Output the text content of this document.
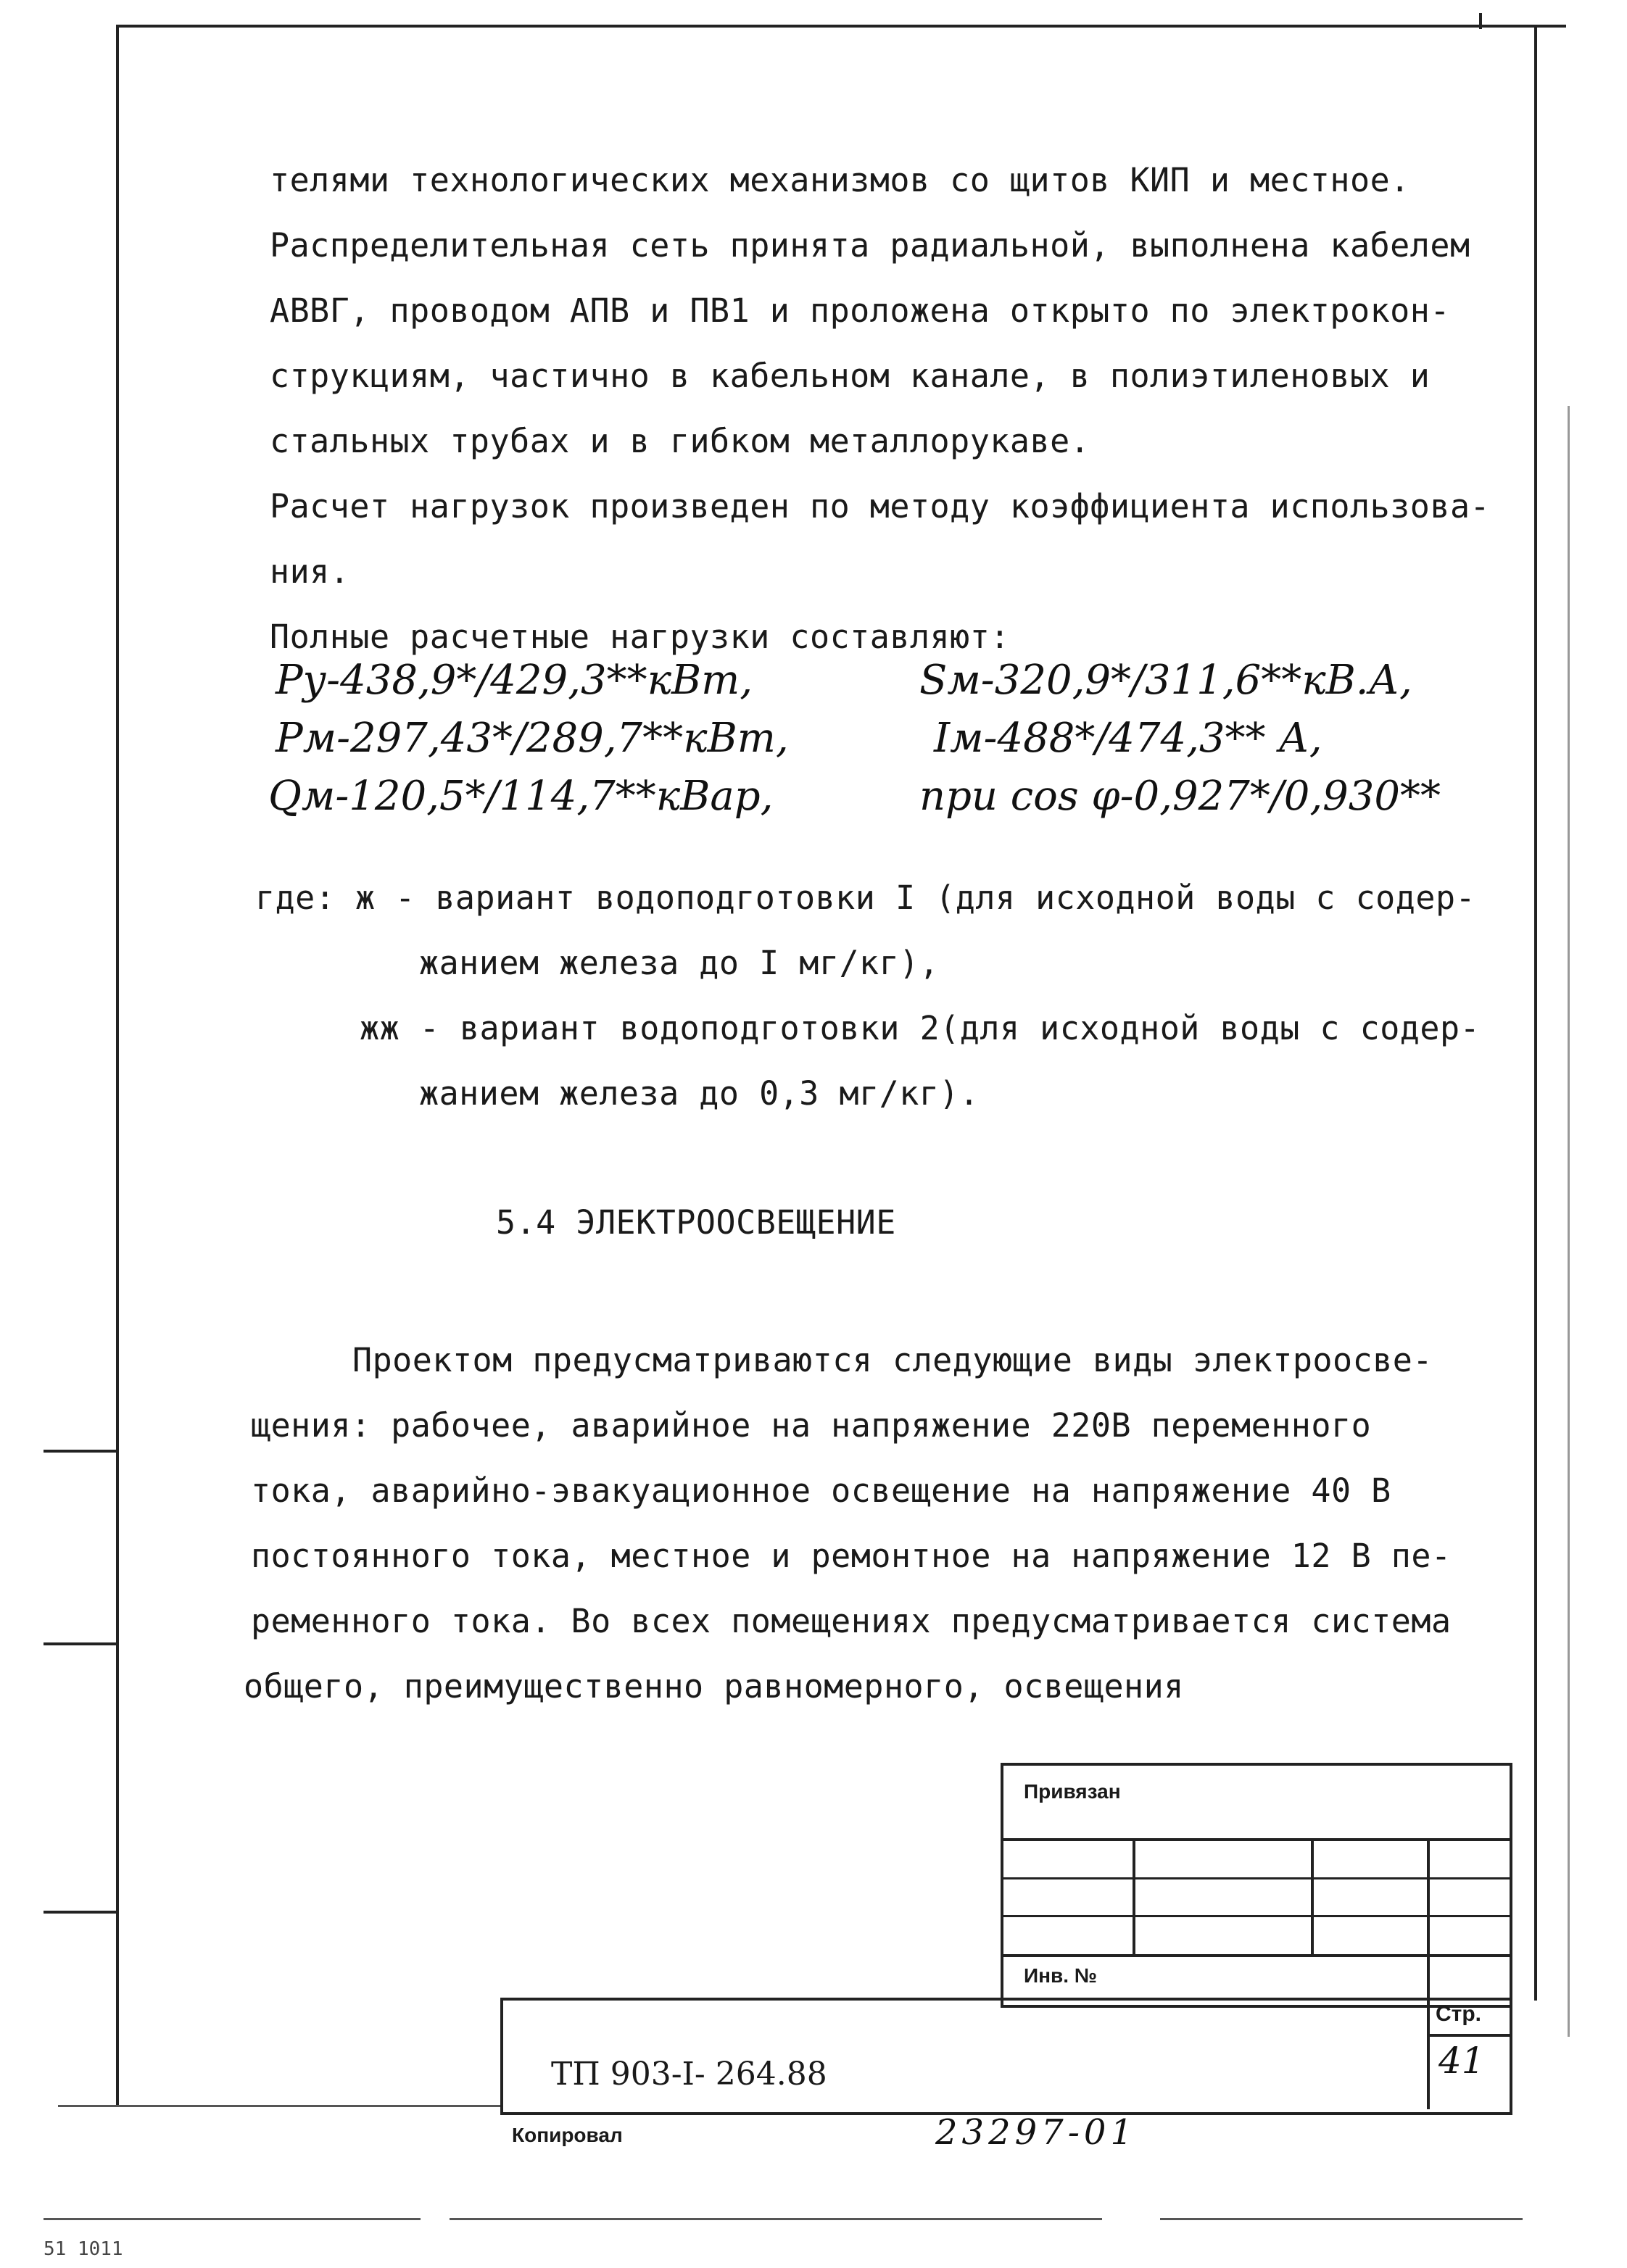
телями технологических механизмов со щитов КИП и местное.
Распределительная сеть принята радиальной, выполнена кабелем
АВВГ, проводом АПВ и ПВ1 и проложена открыто по электрокон-
струкциям, частично в кабельном канале, в полиэтиленовых и
стальных трубах и в гибком металлорукаве.
Расчет нагрузок произведен по методу коэффициента использова-
ния.
Полные расчетные нагрузки составляют:
Pу-438,9*/429,3**кВт,
Pм-297,43*/289,7**кВт,
Qм-120,5*/114,7**кВар,
Sм-320,9*/311,6**кВ.А,
Iм-488*/474,3** А,
при cos φ-0,927*/0,930**
где: ж - вариант водоподготовки I (для исходной воды с содер-
жанием железа до I мг/кг),
жж - вариант водоподготовки 2(для исходной воды с содер-
жанием железа до 0,3 мг/кг).
5.4 ЭЛЕКТРООСВЕЩЕНИЕ
Проектом предусматриваются следующие виды электроосве-
щения: рабочее, аварийное на напряжение 220В переменного
тока, аварийно-эвакуационное освещение на напряжение 40 В
постоянного тока, местное и ремонтное на напряжение 12 В пе-
ременного тока. Во всех помещениях предусматривается система
общего, преимущественно равномерного, освещения
Привязан
Инв. №
ТП 903-I- 264.88
Стр.
41
Копировал	23297-01
51 1011
